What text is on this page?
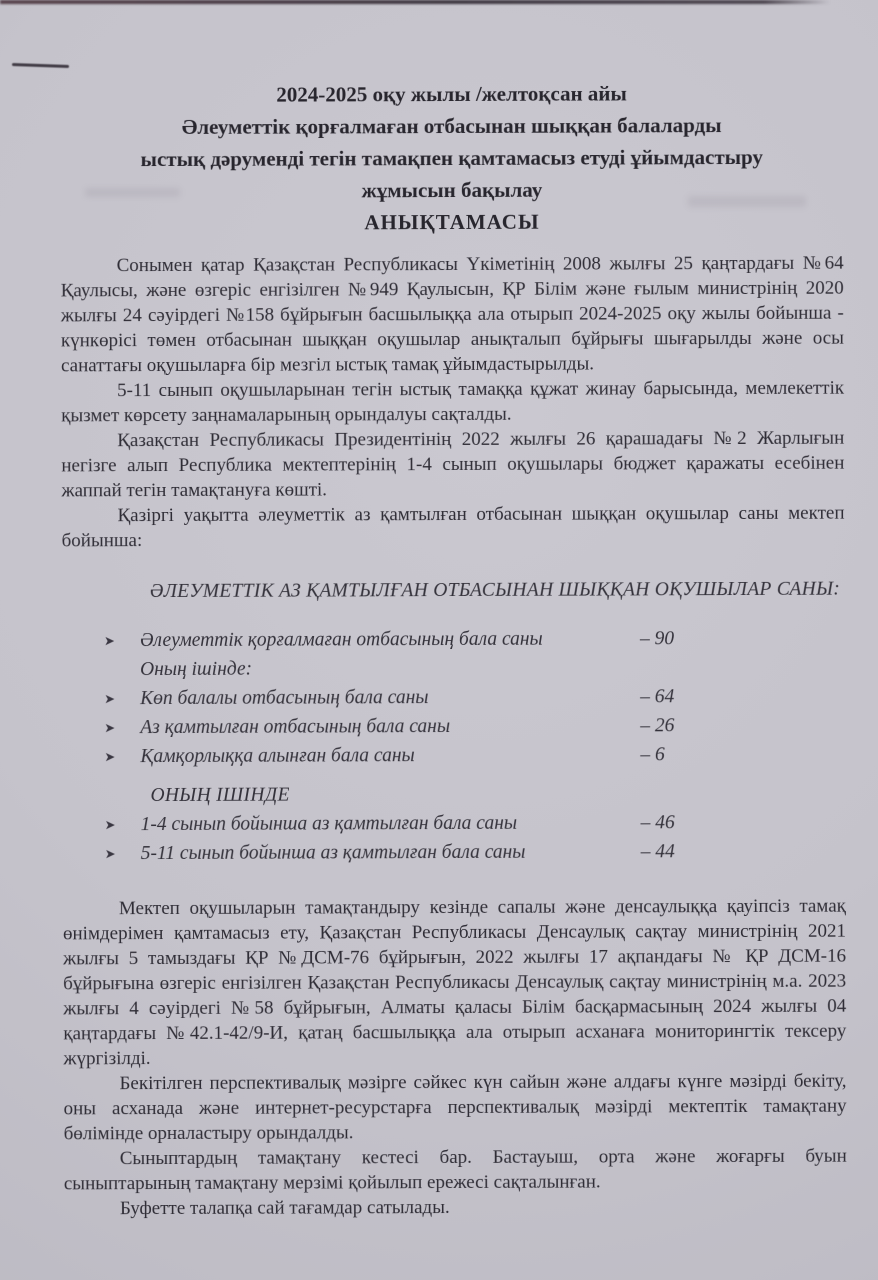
2024-2025 оқу жылы /желтоқсан айы
Әлеуметтік қорғалмаған отбасынан шыққан балаларды
ыстық дәруменді тегін тамақпен қамтамасыз етуді ұйымдастыру
жұмысын бақылау
АНЫҚТАМАСЫ

Сонымен қатар Қазақстан Республикасы Үкіметінің 2008 жылғы 25 қаңтардағы №64 Қаулысы, және өзгеріс енгізілген №949 Қаулысын, ҚР Білім және ғылым министрінің 2020 жылғы 24 сәуірдегі №158 бұйрығын басшылыққа ала отырып 2024-2025 оқу жылы бойынша - күнкөрісі төмен отбасынан шыққан оқушылар анықталып бұйрығы шығарылды және осы санаттағы оқушыларға бір мезгіл ыстық тамақ ұйымдастырылды.

5-11 сынып оқушыларынан тегін ыстық тамаққа құжат жинау барысында, мемлекеттік қызмет көрсету заңнамаларының орындалуы сақталды.

Қазақстан Республикасы Президентінің 2022 жылғы 26 қарашадағы №2 Жарлығын негізге алып Республика мектептерінің 1-4 сынып оқушылары бюджет қаражаты есебінен жаппай тегін тамақтануға көшті.

Қазіргі уақытта әлеуметтік аз қамтылған отбасынан шыққан оқушылар саны мектеп бойынша:

ӘЛЕУМЕТТІК АЗ ҚАМТЫЛҒАН ОТБАСЫНАН ШЫҚҚАН ОҚУШЫЛАР САНЫ:
➤ Әлеуметтік қорғалмаған отбасының бала саны	– 90
Оның ішінде:
➤ Көп балалы отбасының бала саны	– 64
➤ Аз қамтылған отбасының бала саны	– 26
➤ Қамқорлыққа алынған бала саны	– 6
ОНЫҢ ІШІНДЕ
➤ 1-4 сынып бойынша аз қамтылған бала саны	– 46
➤ 5-11 сынып бойынша аз қамтылған бала саны	– 44

Мектеп оқушыларын тамақтандыру кезінде сапалы және денсаулыққа қауіпсіз тамақ өнімдерімен қамтамасыз ету, Қазақстан Республикасы Денсаулық сақтау министрінің 2021 жылғы 5 тамыздағы ҚР №ДСМ-76 бұйрығын, 2022 жылғы 17 ақпандағы № ҚР ДСМ-16 бұйрығына өзгеріс енгізілген Қазақстан Республикасы Денсаулық сақтау министрінің м.а. 2023 жылғы 4 сәуірдегі №58 бұйрығын, Алматы қаласы Білім басқармасының 2024 жылғы 04 қаңтардағы №42.1-42/9-И, қатаң басшылыққа ала отырып асханаға мониторингтік тексеру жүргізілді.

Бекітілген перспективалық мәзірге сәйкес күн сайын және алдағы күнге мәзірді бекіту, оны асханада және интернет-ресурстарға перспективалық мәзірді мектептік тамақтану бөлімінде орналастыру орындалды.

Сыныптардың тамақтану кестесі бар. Бастауыш, орта және жоғарғы буын сыныптарының тамақтану мерзімі қойылып ережесі сақталынған.

Буфетте талапқа сай тағамдар сатылады.
